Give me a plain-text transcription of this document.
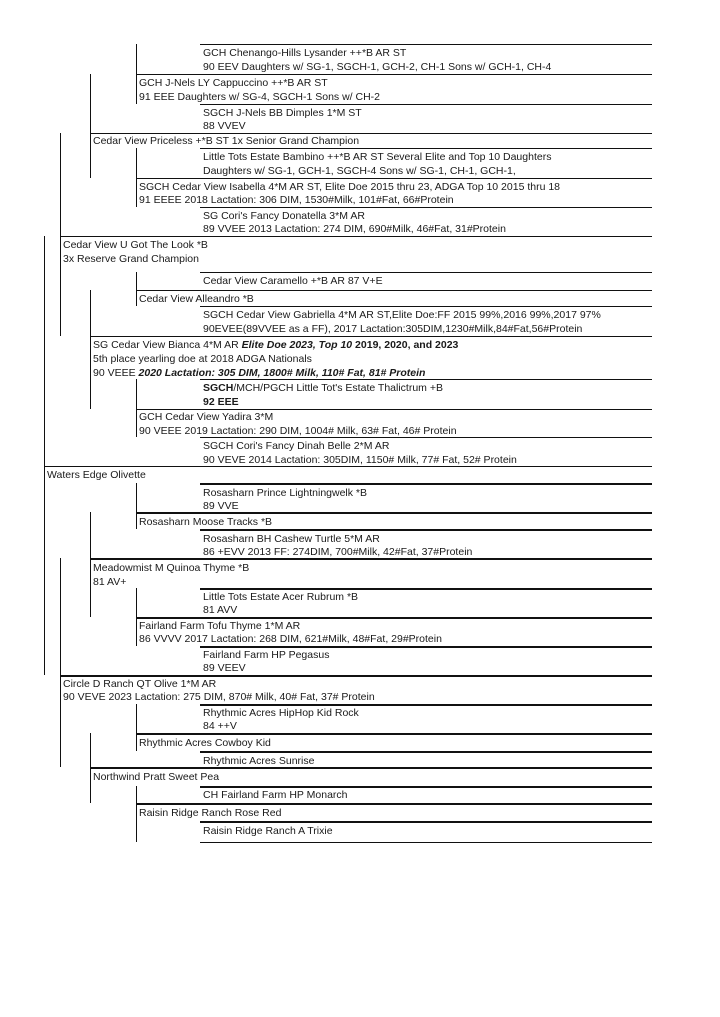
GCH Chenango-Hills Lysander ++*B AR ST
90 EEV Daughters w/ SG-1, SGCH-1, GCH-2, CH-1 Sons w/ GCH-1, CH-4
GCH J-Nels LY Cappuccino ++*B AR ST
91 EEE Daughters w/ SG-4, SGCH-1 Sons w/ CH-2
SGCH J-Nels BB Dimples 1*M ST
88 VVEV
Cedar View Priceless +*B ST 1x Senior Grand Champion
Little Tots Estate Bambino ++*B AR ST Several Elite and Top 10 Daughters
Daughters w/ SG-1, GCH-1, SGCH-4 Sons w/ SG-1, CH-1, GCH-1,
SGCH Cedar View Isabella 4*M AR ST, Elite Doe 2015 thru 23, ADGA Top 10 2015 thru 18
91 EEEE 2018 Lactation: 306 DIM, 1530#Milk, 101#Fat, 66#Protein
SG Cori's Fancy Donatella 3*M AR
89 VVEE 2013 Lactation: 274 DIM, 690#Milk, 46#Fat, 31#Protein
Cedar View U Got The Look *B
3x Reserve Grand Champion
Cedar View Caramello +*B AR 87 V+E
Cedar View Alleandro *B
SGCH Cedar View Gabriella 4*M AR ST,Elite Doe:FF 2015 99%,2016 99%,2017 97%
90EVEE(89VVEE as a FF), 2017 Lactation:305DIM,1230#Milk,84#Fat,56#Protein
SG Cedar View Bianca 4*M AR Elite Doe 2023, Top 10 2019, 2020, and 2023
5th place yearling doe at 2018 ADGA Nationals
90 VEEE 2020 Lactation: 305 DIM, 1800# Milk, 110# Fat, 81# Protein
SGCH/MCH/PGCH Little Tot's Estate Thalictrum +B
92 EEE
GCH Cedar View Yadira 3*M
90 VEEE 2019 Lactation: 290 DIM, 1004# Milk, 63# Fat, 46# Protein
SGCH Cori's Fancy Dinah Belle 2*M AR
90 VEVE 2014 Lactation: 305DIM, 1150# Milk, 77# Fat, 52# Protein
Waters Edge Olivette
Rosasharn Prince Lightningwelk *B
89 VVE
Rosasharn Moose Tracks *B
Rosasharn BH Cashew Turtle 5*M AR
86 +EVV 2013 FF: 274DIM, 700#Milk, 42#Fat, 37#Protein
Meadowmist M Quinoa Thyme *B
81 AV+
Little Tots Estate Acer Rubrum *B
81 AVV
Fairland Farm Tofu Thyme 1*M AR
86 VVVV 2017 Lactation: 268 DIM, 621#Milk, 48#Fat, 29#Protein
Fairland Farm HP Pegasus
89 VEEV
Circle D Ranch QT Olive 1*M AR
90 VEVE 2023 Lactation: 275 DIM, 870# Milk, 40# Fat, 37# Protein
Rhythmic Acres HipHop Kid Rock
84 ++V
Rhythmic Acres Cowboy Kid
Rhythmic Acres Sunrise
Northwind Pratt Sweet Pea
CH Fairland Farm HP Monarch
Raisin Ridge Ranch Rose Red
Raisin Ridge Ranch A Trixie
